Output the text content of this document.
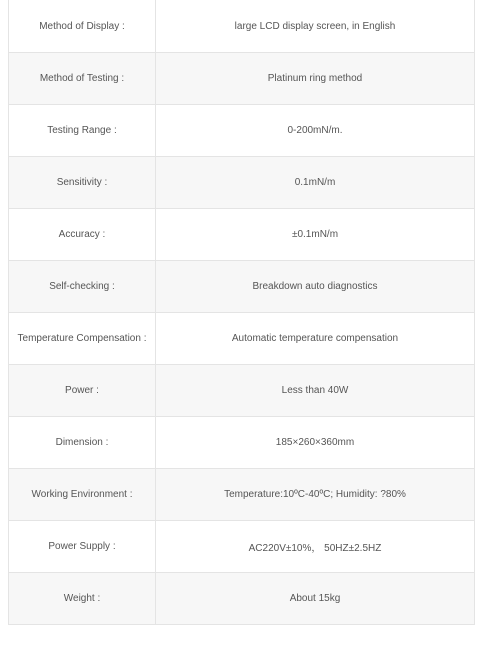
Method of Display :	large LCD display screen, in English
Method of Testing :	Platinum ring method
Testing Range :	0-200mN/m.
Sensitivity :	0.1mN/m
Accuracy :	±0.1mN/m
Self-checking :	Breakdown auto diagnostics
Temperature Compensation :	Automatic temperature compensation
Power :	Less than 40W
Dimension :	185×260×360mm
Working Environment :	Temperature:10ºC-40ºC; Humidity: ?80%
Power Supply :	AC220V±10%， 50HZ±2.5HZ
Weight :	About 15kg
